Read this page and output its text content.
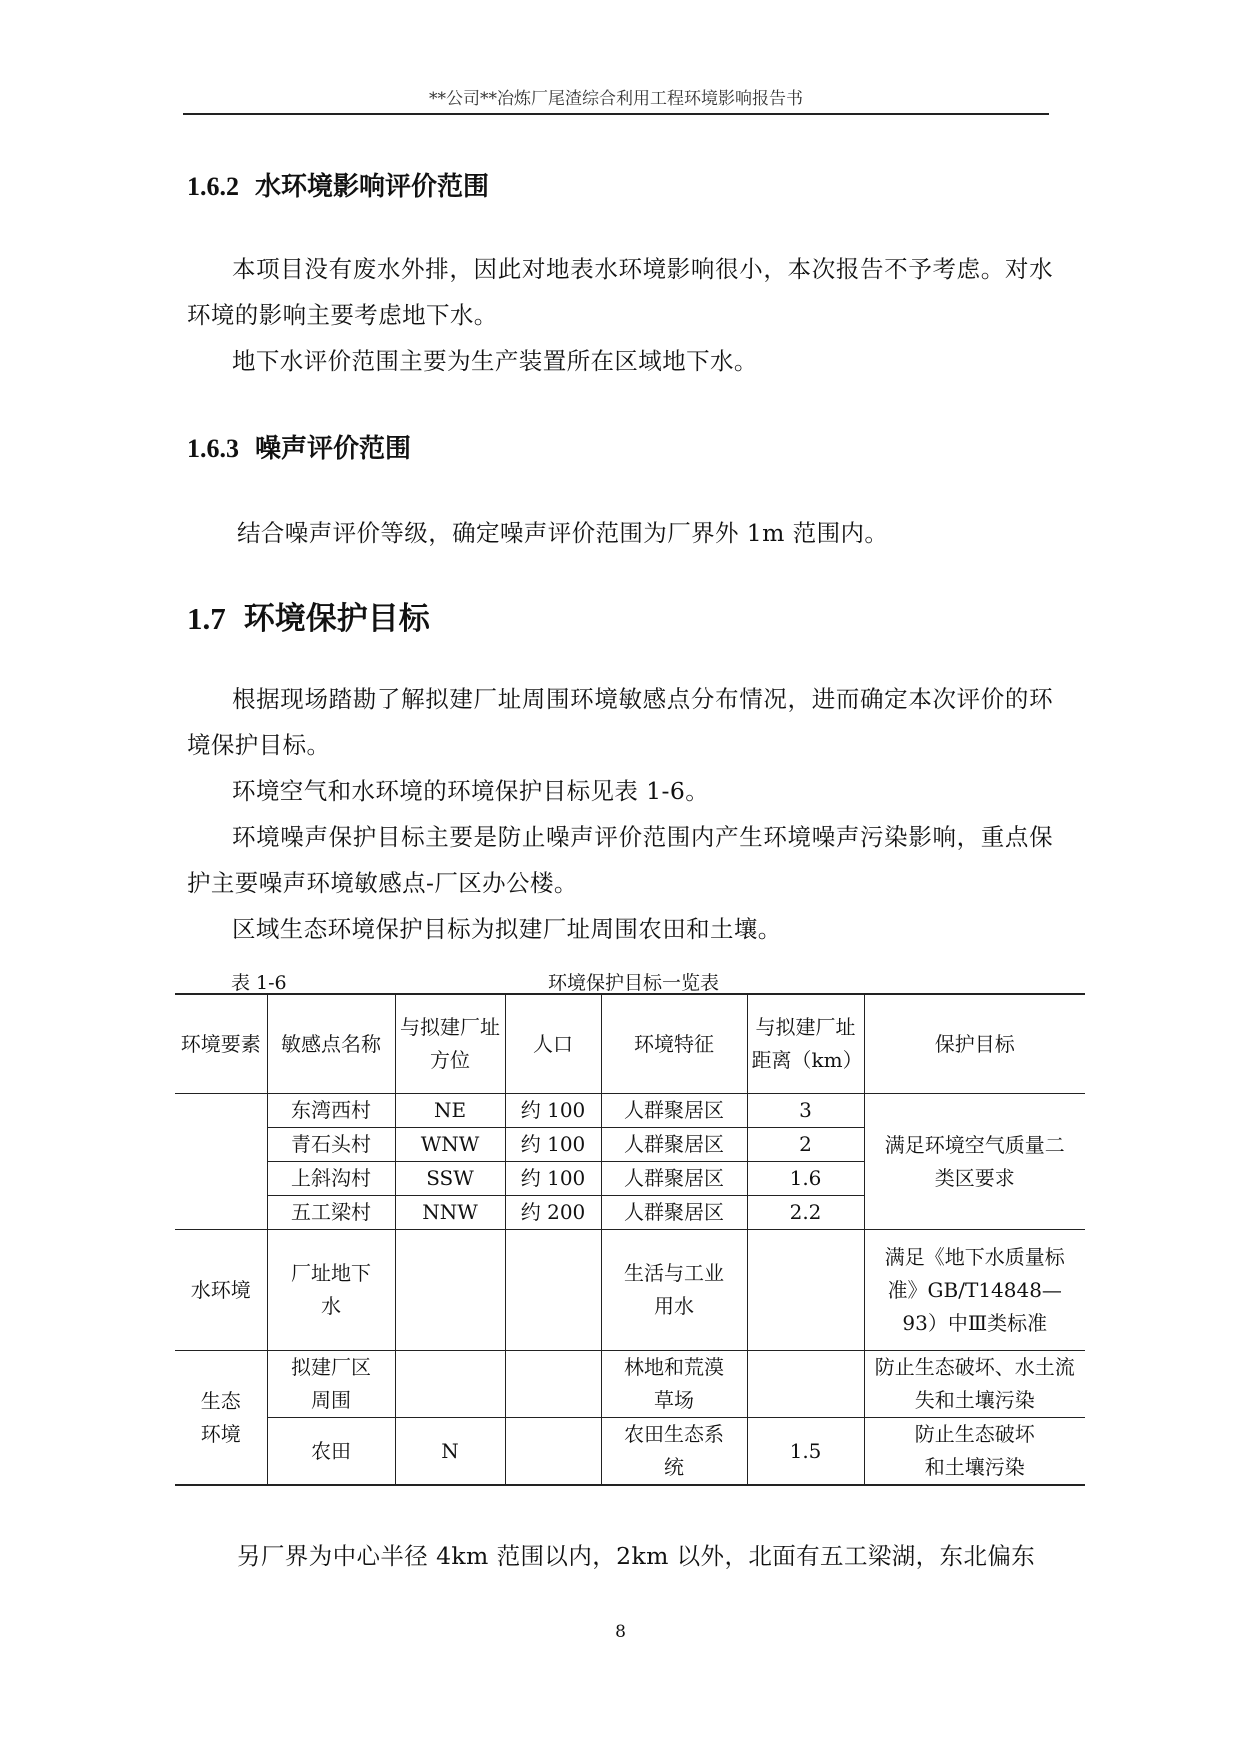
**公司**冶炼厂尾渣综合利用工程环境影响报告书
1.6.2 水环境影响评价范围
本项目没有废水外排，因此对地表水环境影响很小，本次报告不予考虑。对水环境的影响主要考虑地下水。
地下水评价范围主要为生产装置所在区域地下水。
1.6.3 噪声评价范围
结合噪声评价等级，确定噪声评价范围为厂界外 1m 范围内。
1.7 环境保护目标
根据现场踏勘了解拟建厂址周围环境敏感点分布情况，进而确定本次评价的环境保护目标。
环境空气和水环境的环境保护目标见表 1-6。
环境噪声保护目标主要是防止噪声评价范围内产生环境噪声污染影响，重点保护主要噪声环境敏感点-厂区办公楼。
区域生态环境保护目标为拟建厂址周围农田和土壤。
表 1-6	环境保护目标一览表
环境要素	敏感点名称	与拟建厂址方位	人口	环境特征	与拟建厂址距离（km）	保护目标
	东湾西村	NE	约 100	人群聚居区	3	满足环境空气质量二类区要求
	青石头村	WNW	约 100	人群聚居区	2	
	上斜沟村	SSW	约 100	人群聚居区	1.6	
	五工梁村	NNW	约 200	人群聚居区	2.2	
水环境	厂址地下水			生活与工业用水		满足《地下水质量标准》GB/T14848—93）中Ⅲ类标准
生态环境	拟建厂区周围			林地和荒漠草场		防止生态破坏、水土流失和土壤污染
	农田	N		农田生态系统	1.5	防止生态破坏和土壤污染
另厂界为中心半径 4km 范围以内，2km 以外，北面有五工梁湖，东北偏东
8
